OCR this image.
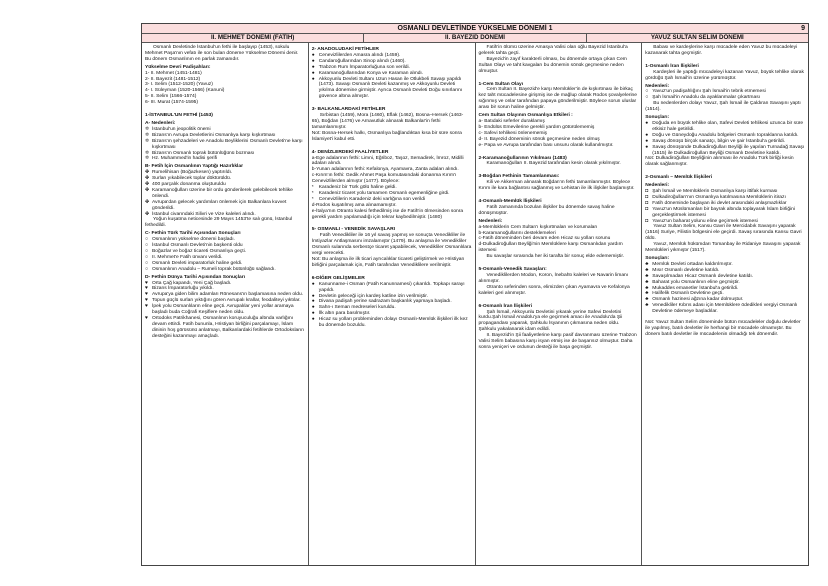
OSMANLI DEVLETİNDE YÜKSELME DÖNEMİ 1	9
II. MEHMET DÖNEMİ (FATİH)	II. BAYEZID DÖNEMİ	YAVUZ SULTAN SELİM DÖNEMİ

Osmanlı Devletinde İstanbul'un fethi ile başlayıp (1453), sokulu Mehmet Paşa'nın vefatı ile son bulan döneme Yükselme Dönemi denir. Bu dönem Osmanlının en parlak zamanıdır.

Yükselme Devri Padişahları:

1- II. Mehmet (1451-1481)

2- II. Bayezit (1481-1512)

3- I. Selim (1512-1520) (Yavuz)

4- I. Süleyman (1520-1566) (Kanuni)

5- II. Selim (1566-1574)

6- III. Murat (1574-1595)

1-İSTANBUL'UN FETHİ (1453)

A- Nedenleri:

✡ İstanbul'un jeopolitik önemi

✡ Bizans'ın Avrupa Devletlerini Osmanlıya karşı kışkırtması

✡ Bizans'ın şehzadeleri ve Anadolu Beyliklerini Osmanlı Devleti'ne karşı kışkırtması

✡ Bizans'ın Osmanlı toprak bütünlüğünü bozması

✡ Hz. Muhammed'in hadisi şerifi

B- Fetih İçin Osmanlının Yaptığı Hazırlıklar

✤ Rumelihisarı (Boğazkesen) yaptırıldı.

✤ Surları yıkabilecek toplar döktürüldü.

✤ 400 parçalık donanma oluşturuldu

✤ Karamanoğulları üzerine bir ordu gönderilerek gelebilecek tehlike önlendi.

✤ Avrupa'dan gelecek yardımları önlemek için Balkanlara kuvvet gönderildi.

✤ İstanbul civarındaki Silivri ve Vize kaleleri alındı.

Yoğun kuşatma neticesinde 29 Mayıs 1453'te salı günü, İstanbul fethedildi.

C- Fethin Türk Tarihi Açısından Sonuçları

○ Osmanlının yükselme dönemi başladı.

○ İstanbul Osmanlı Devleti'nin başkenti oldu

○ Boğazlar ve boğaz ticareti Osmanlıya geçti.

○ II. Mehmet'e Fatih ünvanı verildi.

○ Osmanlı Devleti imparatorluk haline geldi.

○ Osmanlının Anadolu – Rumeli toprak bütünlüğü sağlandı.

D- Fethin Dünya Tarihi Açısından Sonuçları

♥ Orta Çağ kapandı, Yeni Çağ başladı.

♥ Bizans İmparatorluğu yıkıldı.

♥ Avrupa'ya giden bilim adamları Rönesans'ın başlamasına neden oldu.

♥ Topun güçlü surları yıktığını gören Avrupalı krallar, feodaliteyi yıktılar.

♥ İpek yolu Osmanlıların eline geçti. Avrupalılar yeni yollar aramaya başladı buda Coğrafi Keşiflere neden oldu.

♥ Ortodoks Patrikhanesi, Osmanlının koruyuculuğu altında varlığını devam ettirdi. Fatih bununla, Hristiyan birliğini parçalamayı, İslam dininin hoş görüsünü anlatmayı, Balkanlardaki fetihlerde Ortodoksların desteğini kazanmayı amaçladı.

2- ANADOLUDAKİ FETİHLER

● Cenevizlilerden Amasra alındı (1459).

● Candaroğullarından Sinop alındı (1460).

● Trabzon Rum İmparatorluğuna son verildi.

● Karamanoğullarından Konya ve Karaman alındı.

● Akkoyunlu Devleti Sultanı Uzun Hasan ile Otlukbeli Savaşı yapıldı (1473). Savaşı Osmanlı Devleti kazanmış ve Akkoyunlu Devleti yıkılma dönemine girmiştir. Ayrıca Osmanlı Devleti Doğu sınırlarını güvence altına almıştır.

3- BALKANLARDAKİ FETİHLER

Sırbistan (1459), Mora (1460), Eflak (1462), Bosna–Hersek (1463-65), Boğdan (1476) ve Arnavutluk alınarak Balkanlar'in fethi tamamlanmıştır.

Not: Bosna-Hersek halkı, Osmanlıya bağlandıktan kısa bir süre sonra İslamiyet'i kabul etti.

4- DENİZLERDEKİ FAALİYETLER

a-Ege adalarının fethi: Limni, Eğriboz, Taşoz, Semadirek, İmroz, Midilli adaları alındı.

b-Yunan adalarının fethi: Kefalonya, Ayamavra, Zanta adaları alındı.

c-Kırım'ın fethi: Gedik Ahmet Paşa komutasındaki donanma Kırım'ı Cenevizlilerden almıştır (1477). Böylece:

* Karadeniz bir Türk gölü haline geldi.

* Karadeniz ticaret yolu tamamen Osmanlı egemenliğine girdi.

* Cenevizlilerin Karadeniz deki varlığına son verildi

d-Rodos kuşatılmış ama alınamamıştır.

e-İtalya'nın Otranto kalesi fethedilmiş ise de Fatih'in ölmesinden sonra gerekli yardım yapılamadığı için tekrar kaybedilmiştir. (1480)

5- OSMANLI - VENEDİK SAVAŞLARI

Fatih Venedikliler ile 16 yıl savaş yapmış ve sonuçta Venedikliler ile İmtiyazlar Antlaşmasını imzalamıştır (1479). Bu anlaşma ile Venedikliler Osmanlı sularında serbestçe ticaret yapabilecek, Venedikliler Osmanlılara vergi verecekti.

Not: Bu anlaşma ile ilk ticari ayrıcalıklar ticareti geliştirmek ve Hristiyan birliğini parçalamak için, Fatih tarafından Venediklilere verilmiştir.

6-DİĞER GELİŞMELER

● Kanunname-i Osman (Fatih Kanunnamesi) çıkarıldı. Topkapı sarayı yapıldı.

● Devletin geleceği için kardeş katline izin verilmiştir.

● Divana padişah yerine sadrazam başkanlık yapmaya başladı.

● Sahn-ı Seman medreseleri kuruldu.

● İlk altın para basılmıştır.

● Hicaz su yolları probleminden dolayı Osmanlı-Memlük ilişkileri ilk kez bu dönemde bozuldu.

Fatih'in ölümü üzerine Amasya Valisi olan oğlu Bayezid İstanbul'a gelerek tahta geçti.

Bayezid'in zayıf karakterli olması, bu dönemde ortaya çıkan Cem Sultan Olayı ve taht kavgaları bu dönemin sönük geçmesine neden olmuştur.

1-Cem Sultan Olayı

Cem Sultan II. Bayezid'e karşı Memlükler'in de kışkırtması ile birkaç kez taht mücadelesine girişmiş ise de mağlup olarak Rodos şovalyelerine sığınmış ve onlar tarafından papaya gönderilmiştir. Böylece sorun uluslar arası bir sorun haline gelmiştir.

Cem Sultan Olayının Osmanlıya Etkileri :

a- Batıdaki seferler duraklamış

b- Endülüs Emevilerine gerekli yardım götürülememiş

c- Safevi tehlikesi önlenememiş

d- II. Bayezid döneminin sönük geçmesine neden olmuş

e- Papa ve Avrupa tarafından bası unsuru olarak kullanılmıştır.

2-Karamanoğullarının Yıkılması (1483)

Karamanoğulları II. Bayezid tarafından kesin olarak yıkılmıştır.

3-Boğdan Fethinin Tamamlanması:

Kili ve Akkerman alınarak Boğdan'ın fethi tamamlanmıştır. Böylece Kırım ile kara bağlantısı sağlanmış ve Lehistan ile ilk ilişkiler başlamıştır.

4-Osmanlı-Memlük İlişkileri

Fatih zamanında bozulan ilişkiler bu dönemde savaş haline dönüşmüştür.

Nedenleri:

a-Memlüklerin Cem Sultan'ı kışkırtmaları ve korumaları

b-Karamanoğullarını desteklemeleri

c-Fatih döneminden beri devam eden Hicaz su yolları sorunu

d-Dulkadiroğulları Beyliği'nin Memlüklere karşı Osmanlıdan yardım istemesi

Bu savaşlar sırasında her iki tarafta bir sonuç elde edememiştir.

5-Osmanlı-Venedik Savaşları:

Venediklilerden Modon, Koron, İnebahtı kaleleri ve Navarin limanı alınmıştır.

Otranto seferinden sonra, elimizden çıkan Ayamavra ve Kefalonya kaleleri geri alınmıştır.

6-Osmanlı İran İlişkileri

Şah İsmail, Akkoyunlu Devletini yıkarak yerine Safevi Devletini kurdu.Şah İsmail Anadolu'ya ele geçirmek amacı ile Anadolu'da Şii propagandası yaparak, Şahkulu İsyanının çıkmasına neden oldu. Şahkulu yakalanarak idam edildi.

II. Bayezid'in Şii faaliyetlerine karşı pasif davranması üzerine Trabzon Valisi Selim babasına karşı isyan etmiş ise de başarısız olmuştur. Daha sonra yeniçeri ve ordunun desteği ile başa geçmiştir.

Babası ve kardeşlerine karşı mücadele eden Yavuz bu mücadeleyi kazanarak tahta geçmiştir.

1-Osmanlı İran İlişkileri

Kardeşleri ile yaptığı mücadeleyi kazanan Yavuz, büyük tehlike olarak gördüğü Şah İsmail'in üzerine yürümüştür.

Nedenleri:

○ Yavuz'un padişahlığını Şah İsmail'in tebrik etmemesi

○ Şah İsmail'in Anadolu da ayaklanmalar çıkartması

Bu nedenlerden dolayı Yavuz, Şah İsmail ile Çaldıran Savaşını yaptı (1514).

Sonuçları:

● Doğuda en büyük tehlike olan, Safevi Devleti tehlikesi uzunca bir süre etkisiz hale getirildi.

● Doğu ve Güneydoğu Anadolu bölgeleri Osmanlı topraklarına katıldı.

● Savaş dönüşü birçok sanatçı, bilgin ve şair İstanbul'a getirildi.

● Savaş dönüşünde Dulkadiroğulları Beyliği ile yapılan Turnadağ Savaşı (1515) ile Dulkadiroğulları Beyliği Osmanlı Devletine katıldı.

Not: Dulkadiroğulları Beyliğinin alınması ile Anadolu Türk birliği kesin olarak sağlanmıştır.

2-Osmanlı – Memlük İlişkileri

Nedenleri:

◘ Şah İsmail ve Memlüklerin Osmanlıya karşı ittifak kurması

◘ Dulkadiroğulları'nın Osmanlıya katılmasına Memlüklerin itirazı

◘ Fatih döneminde başlayan iki devlet arasındaki anlaşmazlıklar

◘ Yavuz'un Müslümanları bir bayrak altında toplayarak İslam birliğini gerçekleştirmek istemesi

◘ Yavuz'un baharat yolunu eline geçirmek istemesi

Yavuz Sultan Selim, Kansu Gavri ile Mercidabık Savaşını yaparak (1516) Suriye, Filistin bölgesini ele geçirdi. Savaş sırasında Kansu Gavri öldü.

Yavuz, Memlük hükümdarı Tomanbay ile Ridaniye Savaşını yaparak Memlükleri yıkmıştır (1517).

Sonuçları:

♣ Memlük Devleti ortadan kaldırılmıştır.

♣ Mısır Osmanlı devletine katıldı.

♣ Savaşılmadan Hicaz Osmanlı devletine katıldı.

♣ Baharat yolu Osmanlının eline geçmiştir.

♣ Mukaddes emanetler İstanbul'a getirildi.

♣ Halifelik Osmanlı Devletine geçti.

♣ Osmanlı hazinesi ağzına kadar dolmuştur.

♣ Venedikliler Kıbrıs adası için Memlüklere ödedikleri vergiyi Osmanlı Devletine ödemeye başladılar.

Not: Yavuz Sultan Selim döneminde bütün mücadeleler doğulu devletler ile yapılmış, batılı devletler ile herhangi bir mücadele olmamıştır. Bu dönem batılı devletler ile mücadelenin olmadığı tek dönemdir.
